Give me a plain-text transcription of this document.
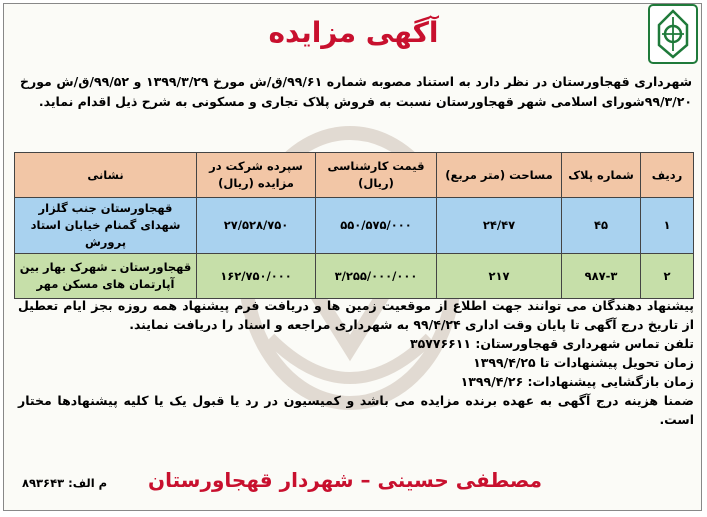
آگهی مزایده

شهرداری قهجاورستان در نظر دارد به استناد مصوبه شماره ۹۹/۶۱/ق/ش مورخ ۱۳۹۹/۳/۲۹ و ۹۹/۵۲/ق/ش مورخ ۹۹/۳/۲۰شورای اسلامی شهر قهجاورستان نسبت به فروش پلاک تجاری و مسکونی به شرح ذیل اقدام نماید.

ردیف	شماره پلاک	مساحت (متر مربع)	قیمت کارشناسی (ریال)	سپرده شرکت در مزایده (ریال)	نشانی
۱	۴۵	۲۴/۴۷	۵۵۰/۵۷۵/۰۰۰	۲۷/۵۲۸/۷۵۰	قهجاورستان جنب گلزار شهدای گمنام خیابان استاد پرورش
۲	۹۸۷-۳	۲۱۷	۳/۲۵۵/۰۰۰/۰۰۰	۱۶۲/۷۵۰/۰۰۰	قهجاورستان ـ شهرک بهار بین آپارتمان های مسکن مهر

پیشنهاد دهندگان می توانند جهت اطلاع از موقعیت زمین ها و دریافت فرم پیشنهاد همه روزه بجز ایام تعطیل از تاریخ درج آگهی تا پایان وقت اداری ۹۹/۴/۲۴ به شهرداری مراجعه و اسناد را دریافت نمایند.

تلفن تماس شهرداری قهجاورستان: ۳۵۷۷۶۶۱۱

زمان تحویل پیشنهادات تا ۱۳۹۹/۴/۲۵

زمان بازگشایی پیشنهادات: ۱۳۹۹/۴/۲۶

ضمنا هزینه درج آگهی به عهده برنده مزایده می باشد و کمیسیون در رد یا قبول یک یا کلیه پیشنهادها مختار است.

مصطفی حسینی – شهردار قهجاورستان
م الف: ۸۹۳۶۴۳
